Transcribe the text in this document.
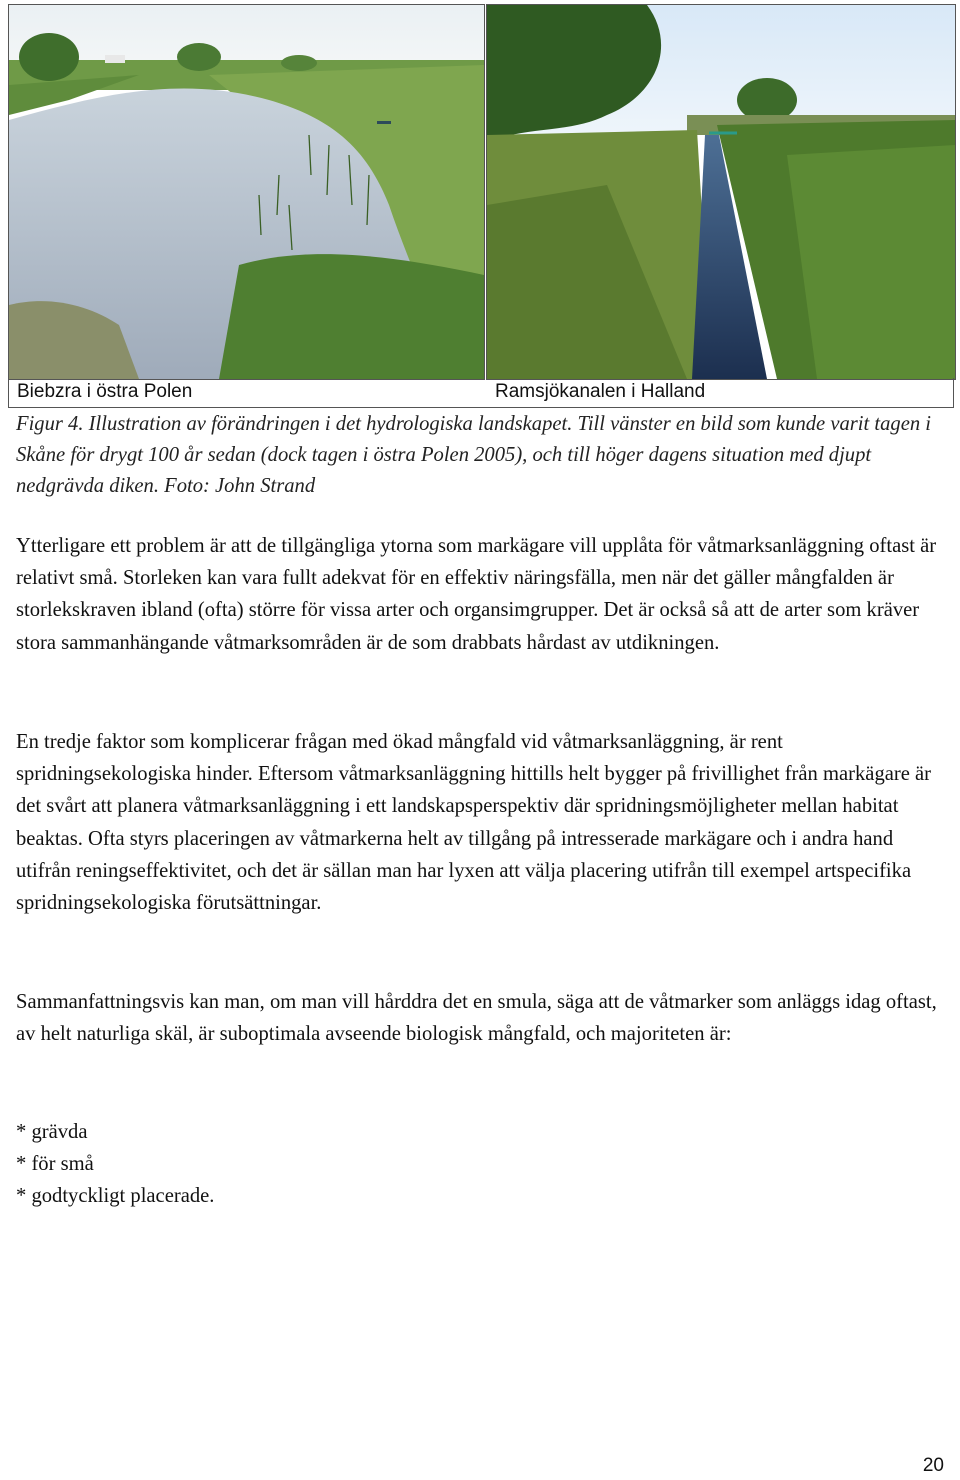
Biebzra i östra Polen	Ramsjökanalen i Halland

Figur 4. Illustration av förändringen i det hydrologiska landskapet. Till vänster en bild som kunde varit tagen i Skåne för drygt 100 år sedan (dock tagen i östra Polen 2005), och till höger dagens situation med djupt nedgrävda diken. Foto: John Strand

Ytterligare ett problem är att de tillgängliga ytorna som markägare vill upplåta för våtmarksanläggning oftast är relativt små. Storleken kan vara fullt adekvat för en effektiv näringsfälla, men när det gäller mångfalden är storlekskraven ibland (ofta) större för vissa arter och organsimgrupper. Det är också så att de arter som kräver stora sammanhängande våtmarksområden är de som drabbats hårdast av utdikningen.

En tredje faktor som komplicerar frågan med ökad mångfald vid våtmarksanläggning, är rent spridningsekologiska hinder. Eftersom våtmarksanläggning hittills helt bygger på frivillighet från markägare är det svårt att planera våtmarksanläggning i ett landskapsperspektiv där spridningsmöjligheter mellan habitat beaktas. Ofta styrs placeringen av våtmarkerna helt av tillgång på intresserade markägare och i andra hand utifrån reningseffektivitet, och det är sällan man har lyxen att välja placering utifrån till exempel artspecifika spridningsekologiska förutsättningar.

Sammanfattningsvis kan man, om man vill hårddra det en smula, säga att de våtmarker som anläggs idag oftast, av helt naturliga skäl, är suboptimala avseende biologisk mångfald, och majoriteten är:

* grävda
* för små
* godtyckligt placerade.
20
